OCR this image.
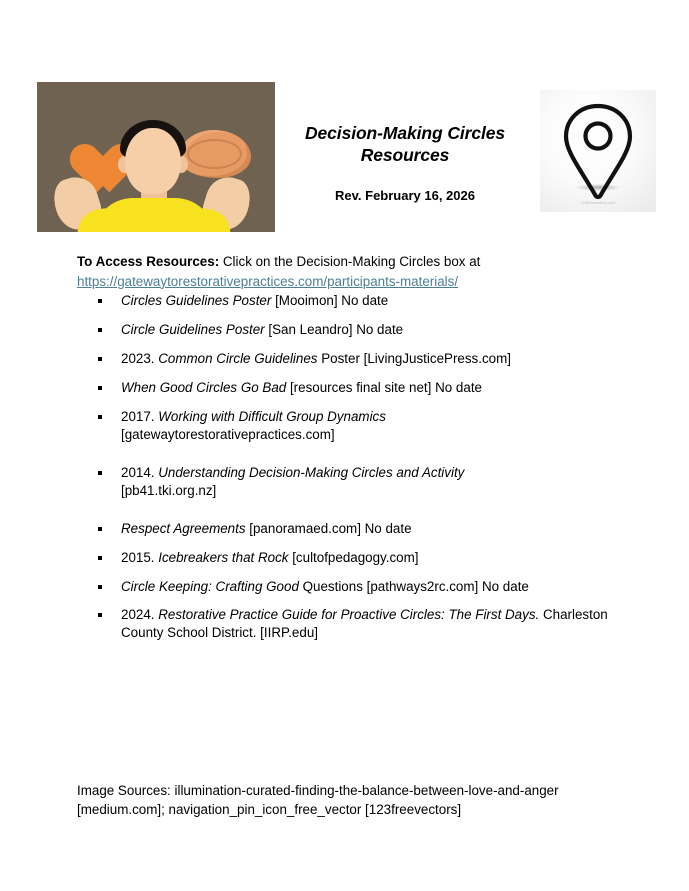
Decision-Making Circles
Resources
Rev. February 16, 2026	123freevectors.com

To Access Resources: Click on the Decision-Making Circles box at
https://gatewaytorestorativepractices.com/participants-materials/

Circles Guidelines Poster [Mooimon] No date
Circle Guidelines Poster [San Leandro] No date
2023. Common Circle Guidelines Poster [LivingJusticePress.com]
When Good Circles Go Bad [resources final site net] No date
2017. Working with Difficult Group Dynamics
[gatewaytorestorativepractices.com]
2014. Understanding Decision-Making Circles and Activity
[pb41.tki.org.nz]
Respect Agreements [panoramaed.com] No date
2015. Icebreakers that Rock [cultofpedagogy.com]
Circle Keeping: Crafting Good Questions [pathways2rc.com] No date
2024. Restorative Practice Guide for Proactive Circles: The First Days. Charleston County School District. [IIRP.edu]

Image Sources: illumination-curated-finding-the-balance-between-love-and-anger [medium.com]; navigation_pin_icon_free_vector [123freevectors]
